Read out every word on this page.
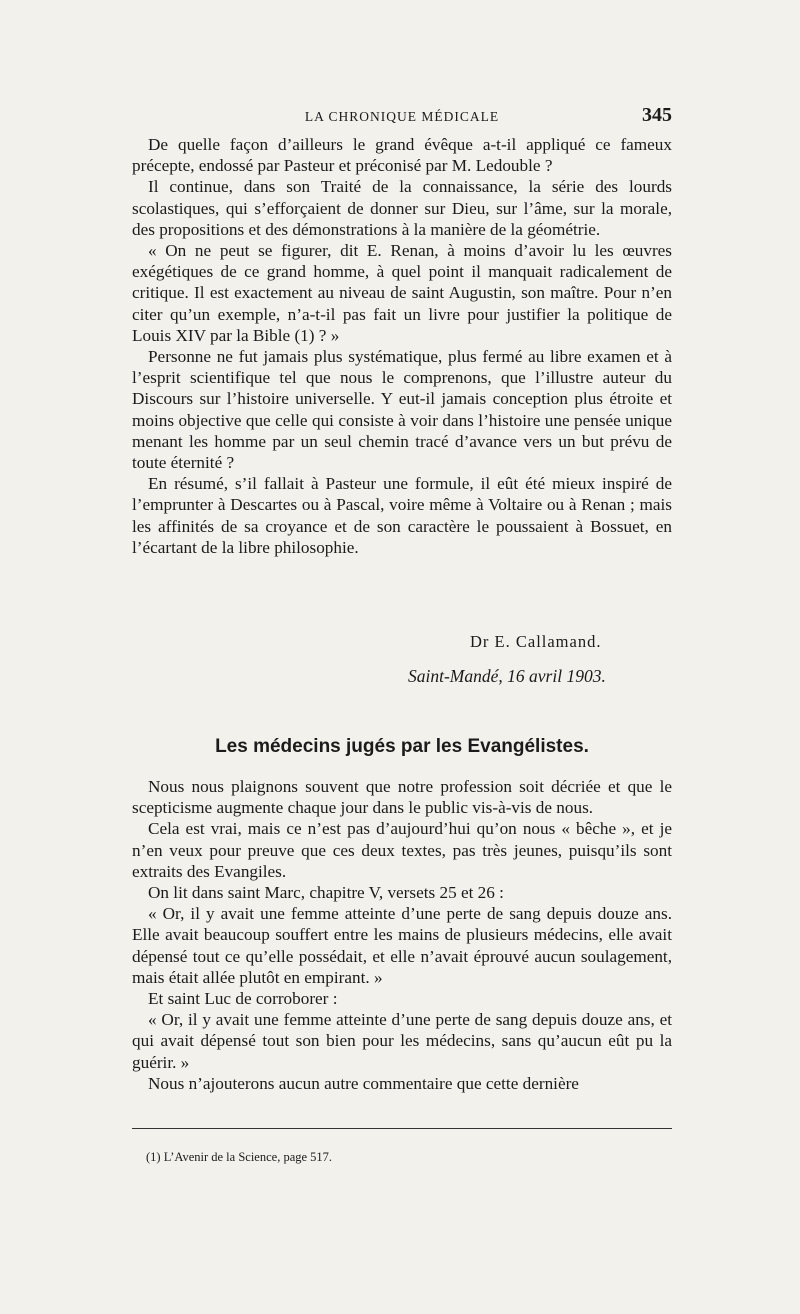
LA CHRONIQUE MÉDICALE	345

De quelle façon d’ailleurs le grand évêque a-t-il appliqué ce fameux précepte, endossé par Pasteur et préconisé par M. Ledouble ?

Il continue, dans son Traité de la connaissance, la série des lourds scolastiques, qui s’efforçaient de donner sur Dieu, sur l’âme, sur la morale, des propositions et des démonstrations à la manière de la géométrie.

« On ne peut se figurer, dit E. Renan, à moins d’avoir lu les œuvres exégétiques de ce grand homme, à quel point il manquait radicalement de critique. Il est exactement au niveau de saint Augustin, son maître. Pour n’en citer qu’un exemple, n’a-t-il pas fait un livre pour justifier la politique de Louis XIV par la Bible (1) ? »

Personne ne fut jamais plus systématique, plus fermé au libre examen et à l’esprit scientifique tel que nous le comprenons, que l’illustre auteur du Discours sur l’histoire universelle. Y eut-il jamais conception plus étroite et moins objective que celle qui consiste à voir dans l’histoire une pensée unique menant les homme par un seul chemin tracé d’avance vers un but prévu de toute éternité ?

En résumé, s’il fallait à Pasteur une formule, il eût été mieux inspiré de l’emprunter à Descartes ou à Pascal, voire même à Voltaire ou à Renan ; mais les affinités de sa croyance et de son caractère le poussaient à Bossuet, en l’écartant de la libre philosophie.

Dr E. Callamand.
Saint-Mandé, 16 avril 1903.
Les médecins jugés par les Evangélistes.

Nous nous plaignons souvent que notre profession soit décriée et que le scepticisme augmente chaque jour dans le public vis-à-vis de nous.

Cela est vrai, mais ce n’est pas d’aujourd’hui qu’on nous « bêche », et je n’en veux pour preuve que ces deux textes, pas très jeunes, puisqu’ils sont extraits des Evangiles.

On lit dans saint Marc, chapitre V, versets 25 et 26 :

« Or, il y avait une femme atteinte d’une perte de sang depuis douze ans. Elle avait beaucoup souffert entre les mains de plusieurs médecins, elle avait dépensé tout ce qu’elle possédait, et elle n’avait éprouvé aucun soulagement, mais était allée plutôt en empirant. »

Et saint Luc de corroborer :

« Or, il y avait une femme atteinte d’une perte de sang depuis douze ans, et qui avait dépensé tout son bien pour les médecins, sans qu’aucun eût pu la guérir. »

Nous n’ajouterons aucun autre commentaire que cette dernière

(1) L’Avenir de la Science, page 517.
